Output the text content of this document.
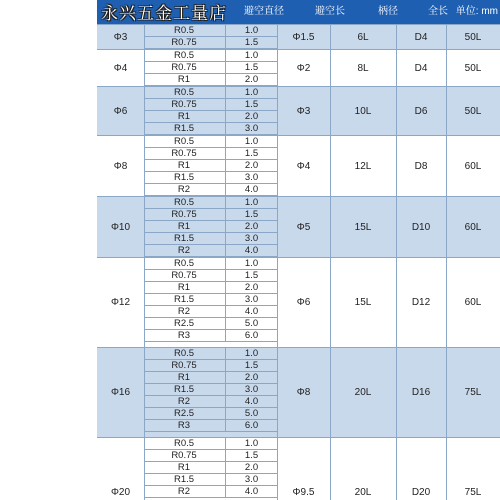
避空直径	避空长	柄径	全长 单位: mm
永兴五金工量店
Φ3	Φ1.5	6L	D4	50L
R0.5	1.0
R0.75	1.5
Φ4	Φ2	8L	D4	50L
R0.5	1.0
R0.75	1.5
R1	2.0
Φ6	Φ3	10L	D6	50L
R0.5	1.0
R0.75	1.5
R1	2.0
R1.5	3.0
Φ8	Φ4	12L	D8	60L
R0.5	1.0
R0.75	1.5
R1	2.0
R1.5	3.0
R2	4.0
Φ10	Φ5	15L	D10	60L
R0.5	1.0
R0.75	1.5
R1	2.0
R1.5	3.0
R2	4.0
Φ12	Φ6	15L	D12	60L
R0.5	1.0
R0.75	1.5
R1	2.0
R1.5	3.0
R2	4.0
R2.5	5.0
R3	6.0
Φ16	Φ8	20L	D16	75L
R0.5	1.0
R0.75	1.5
R1	2.0
R1.5	3.0
R2	4.0
R2.5	5.0
R3	6.0
Φ20	Φ9.5	20L	D20	75L
R0.5	1.0
R0.75	1.5
R1	2.0
R1.5	3.0
R2	4.0
